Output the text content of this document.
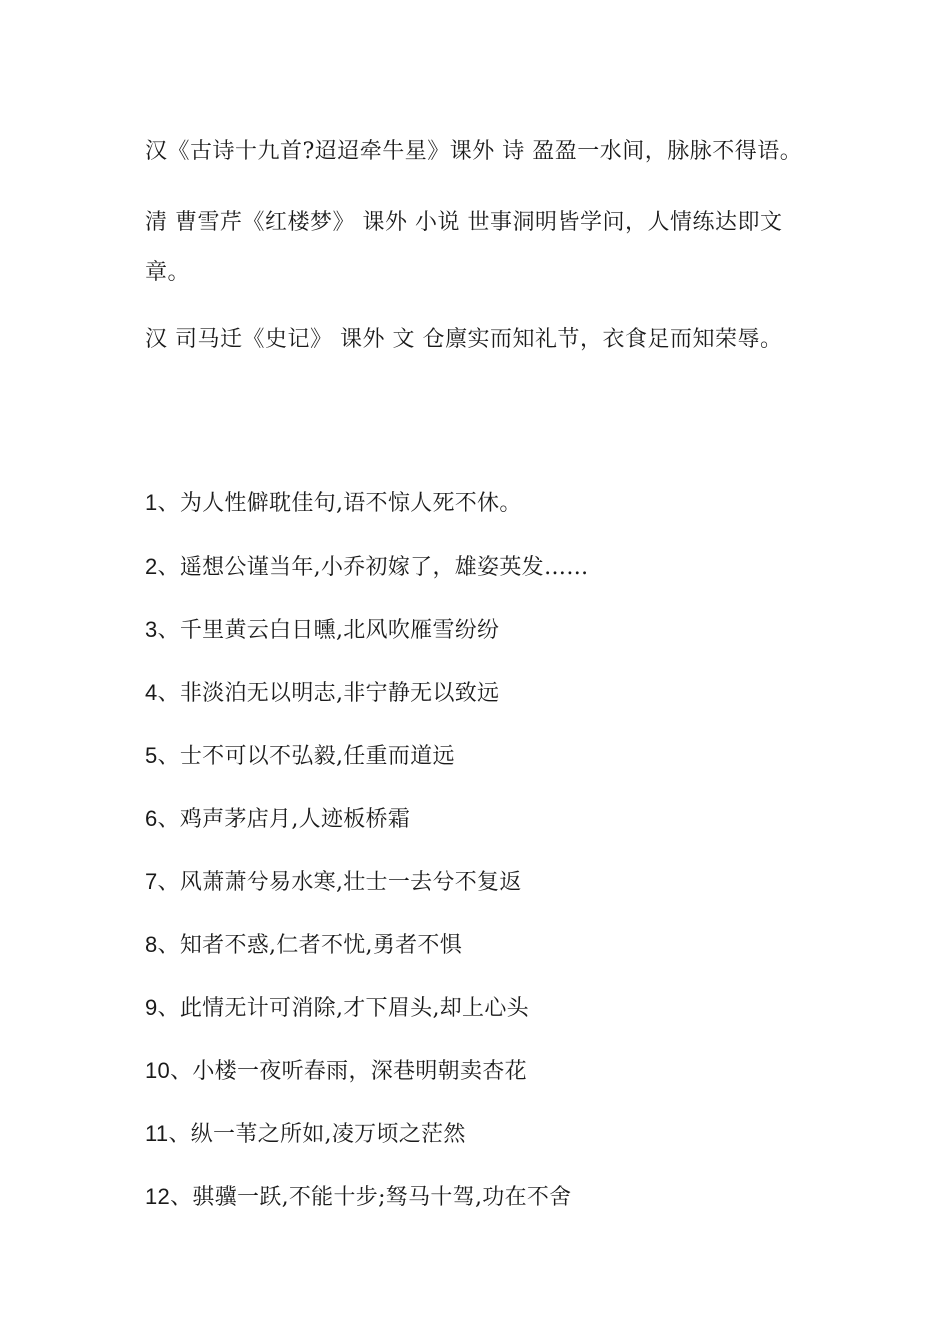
汉《古诗十九首?迢迢牵牛星》课外 诗 盈盈一水间，脉脉不得语。
清 曹雪芹《红楼梦》 课外 小说 世事洞明皆学问，人情练达即文章。
汉 司马迁《史记》 课外 文 仓廪实而知礼节，衣食足而知荣辱。
1、为人性僻耽佳句,语不惊人死不休。
2、遥想公谨当年,小乔初嫁了，雄姿英发……
3、千里黄云白日曛,北风吹雁雪纷纷
4、非淡泊无以明志,非宁静无以致远
5、士不可以不弘毅,任重而道远
6、鸡声茅店月,人迹板桥霜
7、风萧萧兮易水寒,壮士一去兮不复返
8、知者不惑,仁者不忧,勇者不惧
9、此情无计可消除,才下眉头,却上心头
10、小楼一夜听春雨，深巷明朝卖杏花
11、纵一苇之所如,凌万顷之茫然
12、骐骥一跃,不能十步;驽马十驾,功在不舍
